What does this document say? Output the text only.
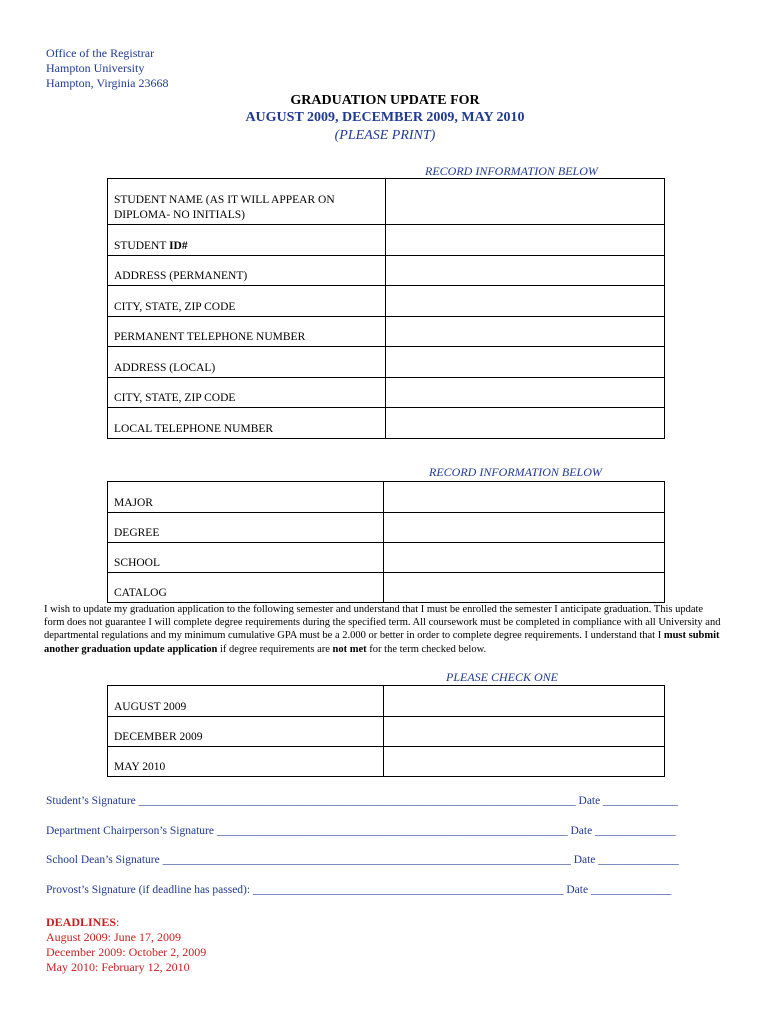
Office of the Registrar
Hampton University
Hampton, Virginia 23668
GRADUATION UPDATE FOR
AUGUST 2009, DECEMBER 2009, MAY 2010
(PLEASE PRINT)
RECORD INFORMATION BELOW
STUDENT NAME (AS IT WILL APPEAR ON DIPLOMA- NO INITIALS)	
STUDENT ID#	
ADDRESS (PERMANENT)	
CITY, STATE, ZIP CODE	
PERMANENT TELEPHONE NUMBER	
ADDRESS (LOCAL)	
CITY, STATE, ZIP CODE	
LOCAL TELEPHONE NUMBER	
RECORD INFORMATION BELOW
MAJOR	
DEGREE	
SCHOOL	
CATALOG	
I wish to update my graduation application to the following semester and understand that I must be enrolled the semester I anticipate graduation. This update form does not guarantee I will complete degree requirements during the specified term. All coursework must be completed in compliance with all University and departmental regulations and my minimum cumulative GPA must be a 2.000 or better in order to complete degree requirements. I understand that I must submit another graduation update application if degree requirements are not met for the term checked below.
PLEASE CHECK ONE
AUGUST 2009	
DECEMBER 2009	
MAY 2010	
Student’s Signature ____________________________________________________________________________ Date _____________
Department Chairperson’s Signature _____________________________________________________________ Date ______________
School Dean’s Signature _______________________________________________________________________ Date ______________
Provost’s Signature (if deadline has passed): ______________________________________________________ Date ______________
DEADLINES:
August 2009: June 17, 2009
December 2009: October 2, 2009
May 2010: February 12, 2010
